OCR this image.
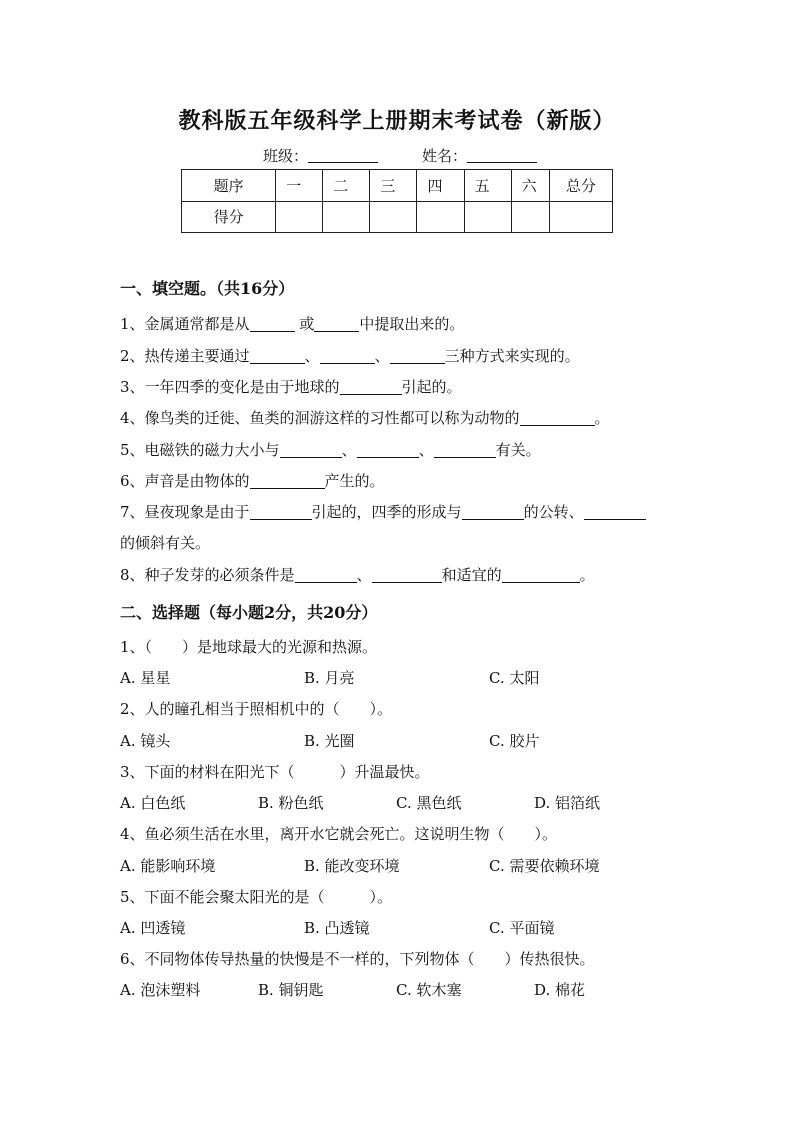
教科版五年级科学上册期末考试卷（新版）
班级：	姓名：
题序	一	二	三	四	五	六	总分
得分							
一、填空题。（共16分）
1、金属通常都是从	或	中提取出来的。
2、热传递主要通过	、	、	三种方式来实现的。
3、一年四季的变化是由于地球的	引起的。
4、像鸟类的迁徙、鱼类的洄游这样的习性都可以称为动物的	。
5、电磁铁的磁力大小与	、	、	有关。
6、声音是由物体的	产生的。
7、昼夜现象是由于	引起的，四季的形成与	的公转、
的倾斜有关。
8、种子发芽的必须条件是	、	和适宜的	。
二、选择题（每小题2分，共20分）
1、（　　）是地球最大的光源和热源。
A. 星星	B. 月亮	C. 太阳
2、人的瞳孔相当于照相机中的（　　）。
A. 镜头	B. 光圈	C. 胶片
3、下面的材料在阳光下（　　　）升温最快。
A. 白色纸	B. 粉色纸	C. 黑色纸	D. 铝箔纸
4、鱼必须生活在水里，离开水它就会死亡。这说明生物（　　）。
A. 能影响环境	B. 能改变环境	C. 需要依赖环境
5、下面不能会聚太阳光的是（　　　）。
A. 凹透镜	B. 凸透镜	C. 平面镜
6、不同物体传导热量的快慢是不一样的，下列物体（　　）传热很快。
A. 泡沫塑料	B. 铜钥匙	C. 软木塞	D. 棉花
